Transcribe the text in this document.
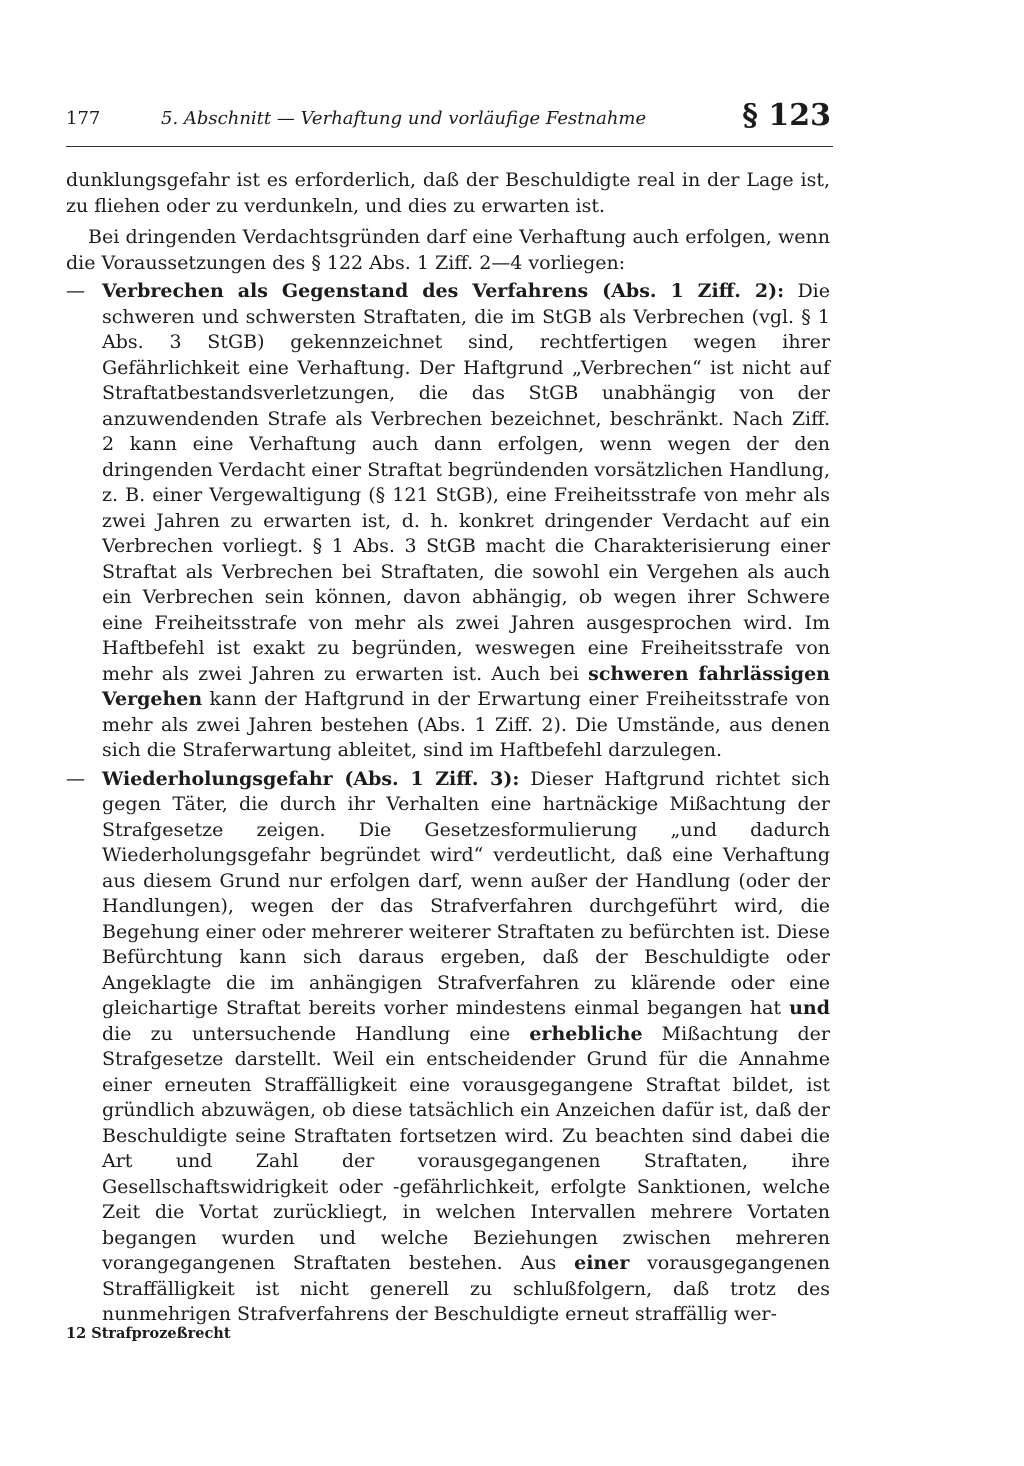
177	5. Abschnitt — Verhaftung und vorläufige Festnahme	§ 123

dunklungsgefahr ist es erforderlich, daß der Beschuldigte real in der Lage ist, zu fliehen oder zu verdunkeln, und dies zu erwarten ist.

Bei dringenden Verdachtsgründen darf eine Verhaftung auch erfolgen, wenn die Voraussetzungen des § 122 Abs. 1 Ziff. 2—4 vorliegen:

— Verbrechen als Gegenstand des Verfahrens (Abs. 1 Ziff. 2): Die schweren und schwersten Straftaten, die im StGB als Verbrechen (vgl. § 1 Abs. 3 StGB) gekennzeichnet sind, rechtfertigen wegen ihrer Gefährlichkeit eine Verhaftung. Der Haftgrund „Verbrechen“ ist nicht auf Straftatbestandsverletzungen, die das StGB unabhängig von der anzuwendenden Strafe als Verbrechen bezeichnet, beschränkt. Nach Ziff. 2 kann eine Verhaftung auch dann erfolgen, wenn wegen der den dringenden Verdacht einer Straftat begründenden vorsätzlichen Handlung, z. B. einer Vergewaltigung (§ 121 StGB), eine Freiheitsstrafe von mehr als zwei Jahren zu erwarten ist, d. h. konkret dringender Verdacht auf ein Verbrechen vorliegt. § 1 Abs. 3 StGB macht die Charakterisierung einer Straftat als Verbrechen bei Straftaten, die sowohl ein Vergehen als auch ein Verbrechen sein können, davon abhängig, ob wegen ihrer Schwere eine Freiheitsstrafe von mehr als zwei Jahren ausgesprochen wird. Im Haftbefehl ist exakt zu begründen, weswegen eine Freiheitsstrafe von mehr als zwei Jahren zu erwarten ist. Auch bei schweren fahrlässigen Vergehen kann der Haftgrund in der Erwartung einer Freiheitsstrafe von mehr als zwei Jahren bestehen (Abs. 1 Ziff. 2). Die Umstände, aus denen sich die Straferwartung ableitet, sind im Haftbefehl darzulegen.
— Wiederholungsgefahr (Abs. 1 Ziff. 3): Dieser Haftgrund richtet sich gegen Täter, die durch ihr Verhalten eine hartnäckige Mißachtung der Strafgesetze zeigen. Die Gesetzesformulierung „und dadurch Wiederholungsgefahr begründet wird“ verdeutlicht, daß eine Verhaftung aus diesem Grund nur erfolgen darf, wenn außer der Handlung (oder der Handlungen), wegen der das Strafverfahren durchgeführt wird, die Begehung einer oder mehrerer weiterer Straftaten zu befürchten ist. Diese Befürchtung kann sich daraus ergeben, daß der Beschuldigte oder Angeklagte die im anhängigen Strafverfahren zu klärende oder eine gleichartige Straftat bereits vorher mindestens einmal begangen hat und die zu untersuchende Handlung eine erhebliche Mißachtung der Strafgesetze darstellt. Weil ein entscheidender Grund für die Annahme einer erneuten Straffälligkeit eine vorausgegangene Straftat bildet, ist gründlich abzuwägen, ob diese tatsächlich ein Anzeichen dafür ist, daß der Beschuldigte seine Straftaten fortsetzen wird. Zu beachten sind dabei die Art und Zahl der vorausgegangenen Straftaten, ihre Gesellschaftswidrigkeit oder -gefährlichkeit, erfolgte Sanktionen, welche Zeit die Vortat zurückliegt, in welchen Intervallen mehrere Vortaten begangen wurden und welche Beziehungen zwischen mehreren vorangegangenen Straftaten bestehen. Aus einer vorausgegangenen Straffälligkeit ist nicht generell zu schlußfolgern, daß trotz des nunmehrigen Strafverfahrens der Beschuldigte erneut straffällig wer-
12 Strafprozeßrecht
